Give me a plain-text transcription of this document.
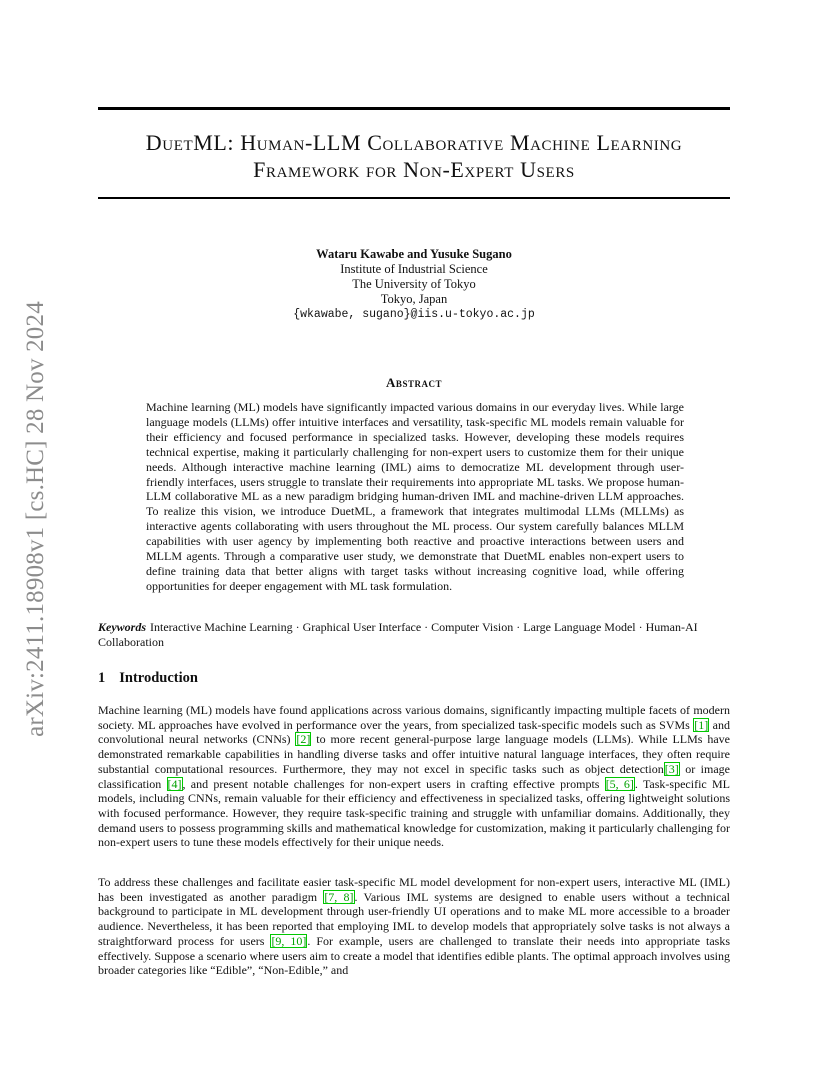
arXiv:2411.18908v1 [cs.HC] 28 Nov 2024
DuetML: Human-LLM Collaborative Machine Learning
Framework for Non-Expert Users
Wataru Kawabe and Yusuke Sugano
Institute of Industrial Science
The University of Tokyo
Tokyo, Japan
{wkawabe, sugano}@iis.u-tokyo.ac.jp
Abstract

Machine learning (ML) models have significantly impacted various domains in our everyday lives. While large language models (LLMs) offer intuitive interfaces and versatility, task-specific ML models remain valuable for their efficiency and focused performance in specialized tasks. However, developing these models requires technical expertise, making it particularly challenging for non-expert users to customize them for their unique needs. Although interactive machine learning (IML) aims to democratize ML development through user-friendly interfaces, users struggle to translate their requirements into appropriate ML tasks. We propose human-LLM collaborative ML as a new paradigm bridging human-driven IML and machine-driven LLM approaches. To realize this vision, we introduce DuetML, a framework that integrates multimodal LLMs (MLLMs) as interactive agents collaborating with users throughout the ML process. Our system carefully balances MLLM capabilities with user agency by implementing both reactive and proactive interactions between users and MLLM agents. Through a comparative user study, we demonstrate that DuetML enables non-expert users to define training data that better aligns with target tasks without increasing cognitive load, while offering opportunities for deeper engagement with ML task formulation.

Keywords Interactive Machine Learning · Graphical User Interface · Computer Vision · Large Language Model · Human-AI Collaboration

1 Introduction

Machine learning (ML) models have found applications across various domains, significantly impacting multiple facets of modern society. ML approaches have evolved in performance over the years, from specialized task-specific models such as SVMs [1] and convolutional neural networks (CNNs) [2] to more recent general-purpose large language models (LLMs). While LLMs have demonstrated remarkable capabilities in handling diverse tasks and offer intuitive natural language interfaces, they often require substantial computational resources. Furthermore, they may not excel in specific tasks such as object detection[3] or image classification [4], and present notable challenges for non-expert users in crafting effective prompts [5, 6]. Task-specific ML models, including CNNs, remain valuable for their efficiency and effectiveness in specialized tasks, offering lightweight solutions with focused performance. However, they require task-specific training and struggle with unfamiliar domains. Additionally, they demand users to possess programming skills and mathematical knowledge for customization, making it particularly challenging for non-expert users to tune these models effectively for their unique needs.

To address these challenges and facilitate easier task-specific ML model development for non-expert users, interactive ML (IML) has been investigated as another paradigm [7, 8]. Various IML systems are designed to enable users without a technical background to participate in ML development through user-friendly UI operations and to make ML more accessible to a broader audience. Nevertheless, it has been reported that employing IML to develop models that appropriately solve tasks is not always a straightforward process for users [9, 10]. For example, users are challenged to translate their needs into appropriate tasks effectively. Suppose a scenario where users aim to create a model that identifies edible plants. The optimal approach involves using broader categories like “Edible”, “Non-Edible,” and
